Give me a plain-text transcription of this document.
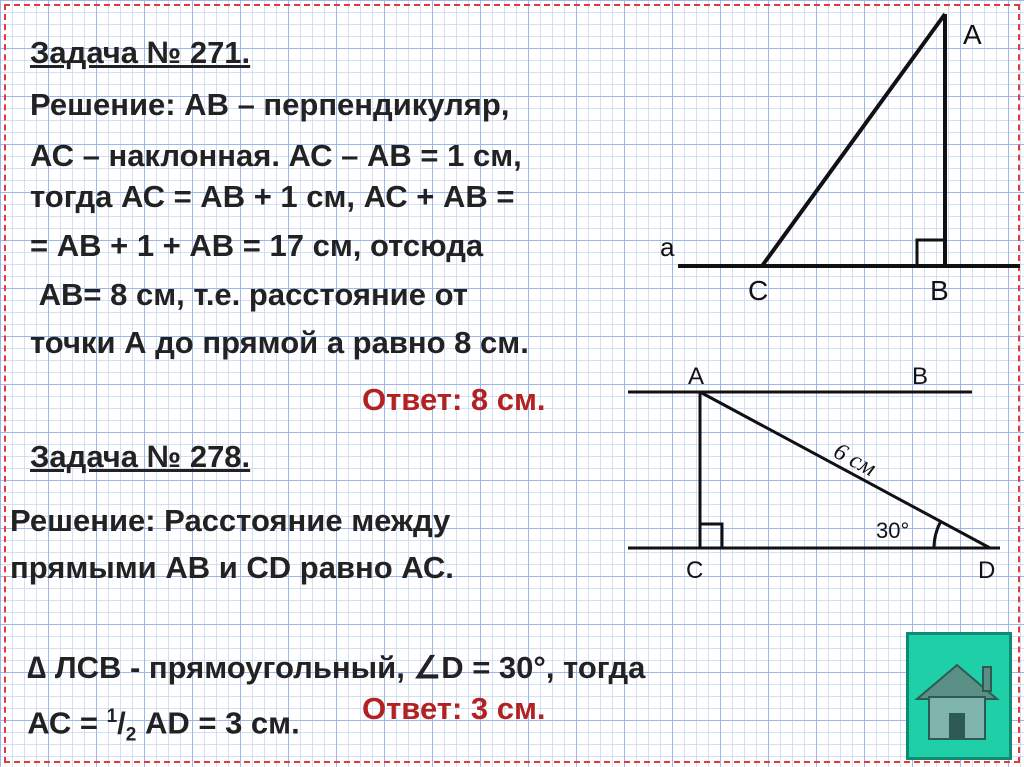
Задача № 271.
Решение: АВ – перпендикуляр,
АС – наклонная. АС – АВ = 1 см,
тогда АС = АВ + 1 см, АС + АВ =
= АВ + 1 + АВ = 17 см, отсюда
АВ= 8 см, т.е. расстояние от
точки А до прямой а равно 8 см.
Ответ: 8 см.
Задача № 278.
Решение: Расстояние между
прямыми АВ и CD равно АС.

∆ ЛСВ - прямоугольный, ∠D = 30°, тогда

АС = $^1/_2$ AD = 3 см. Ответ: 3 см.
А
a
С	В
А	В
С	D
6 см
30°
